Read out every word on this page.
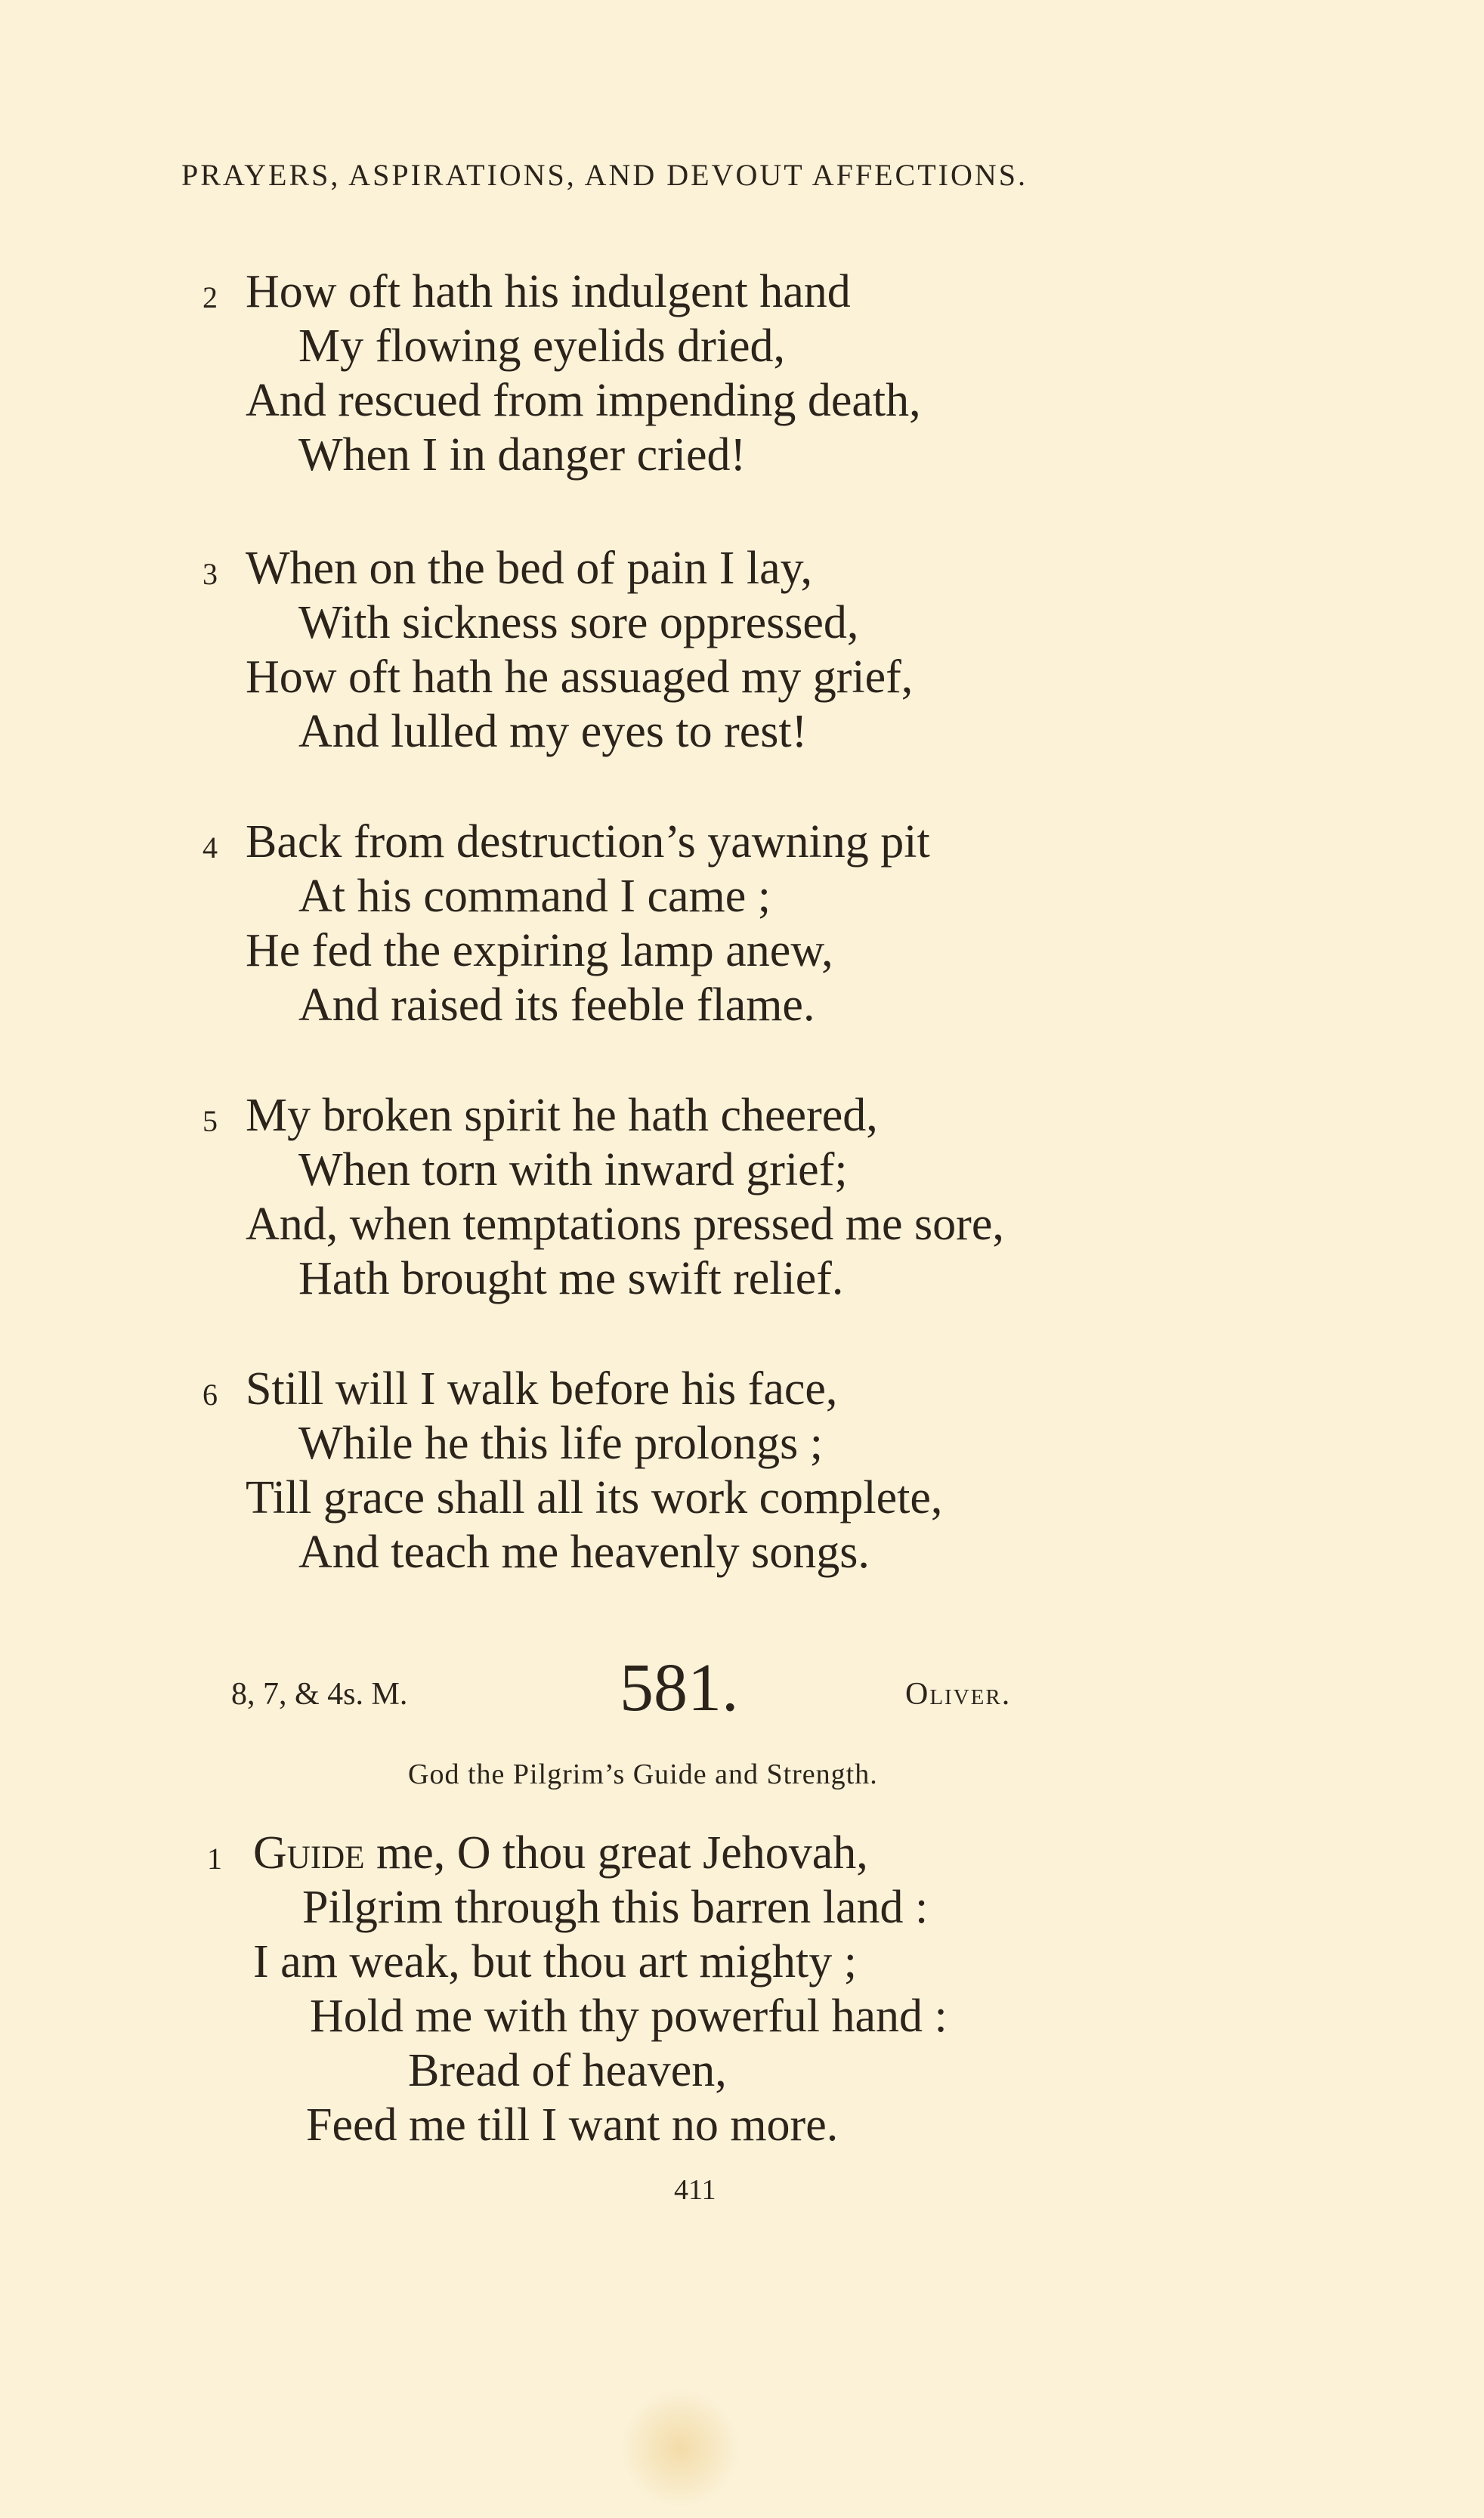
PRAYERS, ASPIRATIONS, AND DEVOUT AFFECTIONS.
2 How oft hath his indulgent hand
My flowing eyelids dried,
And rescued from impending death,
When I in danger cried!
3 When on the bed of pain I lay,
With sickness sore oppressed,
How oft hath he assuaged my grief,
And lulled my eyes to rest!
4 Back from destruction’s yawning pit
At his command I came ;
He fed the expiring lamp anew,
And raised its feeble flame.
5 My broken spirit he hath cheered,
When torn with inward grief;
And, when temptations pressed me sore,
Hath brought me swift relief.
6 Still will I walk before his face,
While he this life prolongs ;
Till grace shall all its work complete,
And teach me heavenly songs.
8, 7, & 4s. M.	581.	Oliver.
God the Pilgrim’s Guide and Strength.
1 Guide me, O thou great Jehovah,
Pilgrim through this barren land :
I am weak, but thou art mighty ;
Hold me with thy powerful hand :
Bread of heaven,
Feed me till I want no more.
411
